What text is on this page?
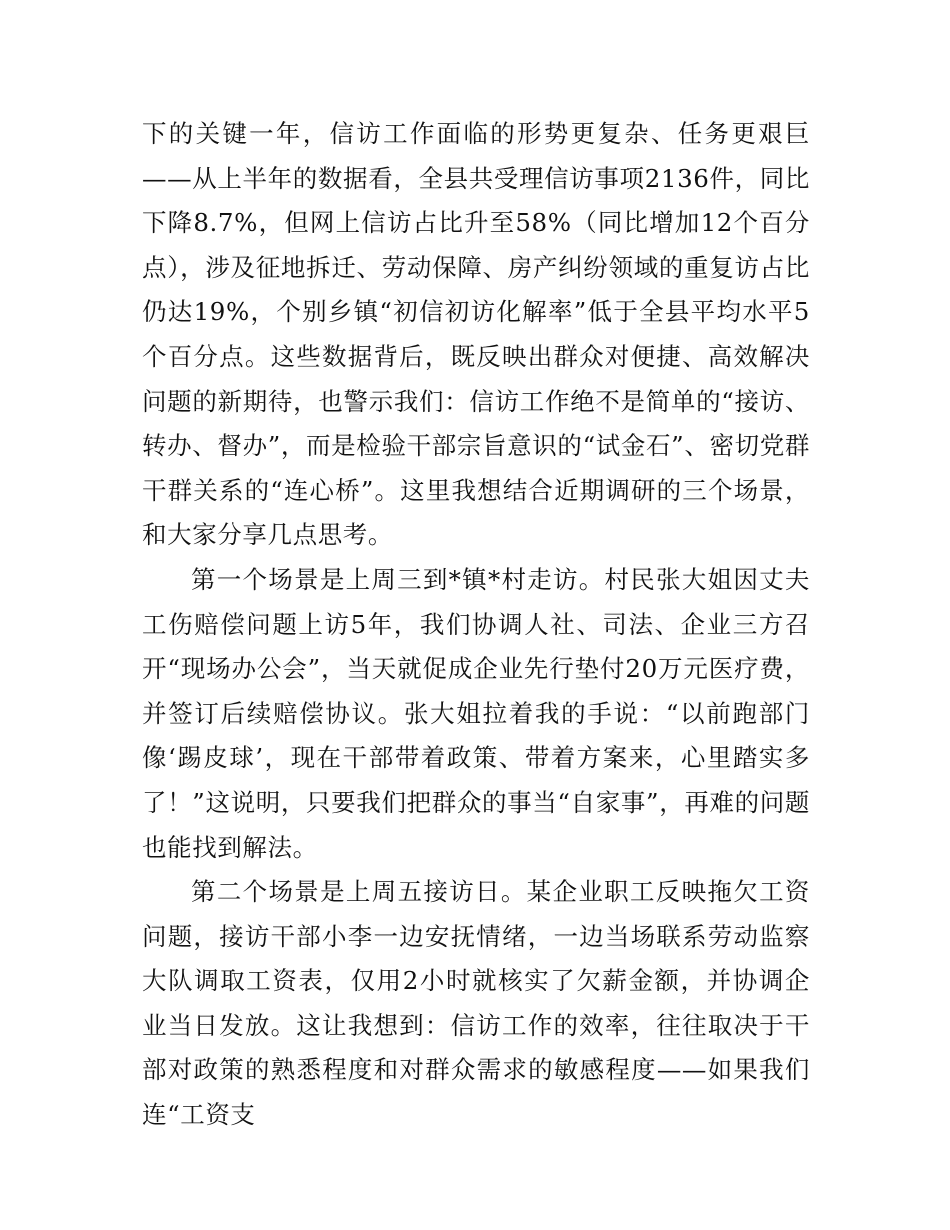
下的关键一年，信访工作面临的形势更复杂、任务更艰巨——从上半年的数据看，全县共受理信访事项2136件，同比下降8.7%，但网上信访占比升至58%（同比增加12个百分点），涉及征地拆迁、劳动保障、房产纠纷领域的重复访占比仍达19%，个别乡镇“初信初访化解率”低于全县平均水平5个百分点。这些数据背后，既反映出群众对便捷、高效解决问题的新期待，也警示我们：信访工作绝不是简单的“接访、转办、督办”，而是检验干部宗旨意识的“试金石”、密切党群干群关系的“连心桥”。这里我想结合近期调研的三个场景，和大家分享几点思考。

第一个场景是上周三到*镇*村走访。村民张大姐因丈夫工伤赔偿问题上访5年，我们协调人社、司法、企业三方召开“现场办公会”，当天就促成企业先行垫付20万元医疗费，并签订后续赔偿协议。张大姐拉着我的手说：“以前跑部门像‘踢皮球’，现在干部带着政策、带着方案来，心里踏实多了！”这说明，只要我们把群众的事当“自家事”，再难的问题也能找到解法。

第二个场景是上周五接访日。某企业职工反映拖欠工资问题，接访干部小李一边安抚情绪，一边当场联系劳动监察大队调取工资表，仅用2小时就核实了欠薪金额，并协调企业当日发放。这让我想到：信访工作的效率，往往取决于干部对政策的熟悉程度和对群众需求的敏感程度——如果我们连“工资支
